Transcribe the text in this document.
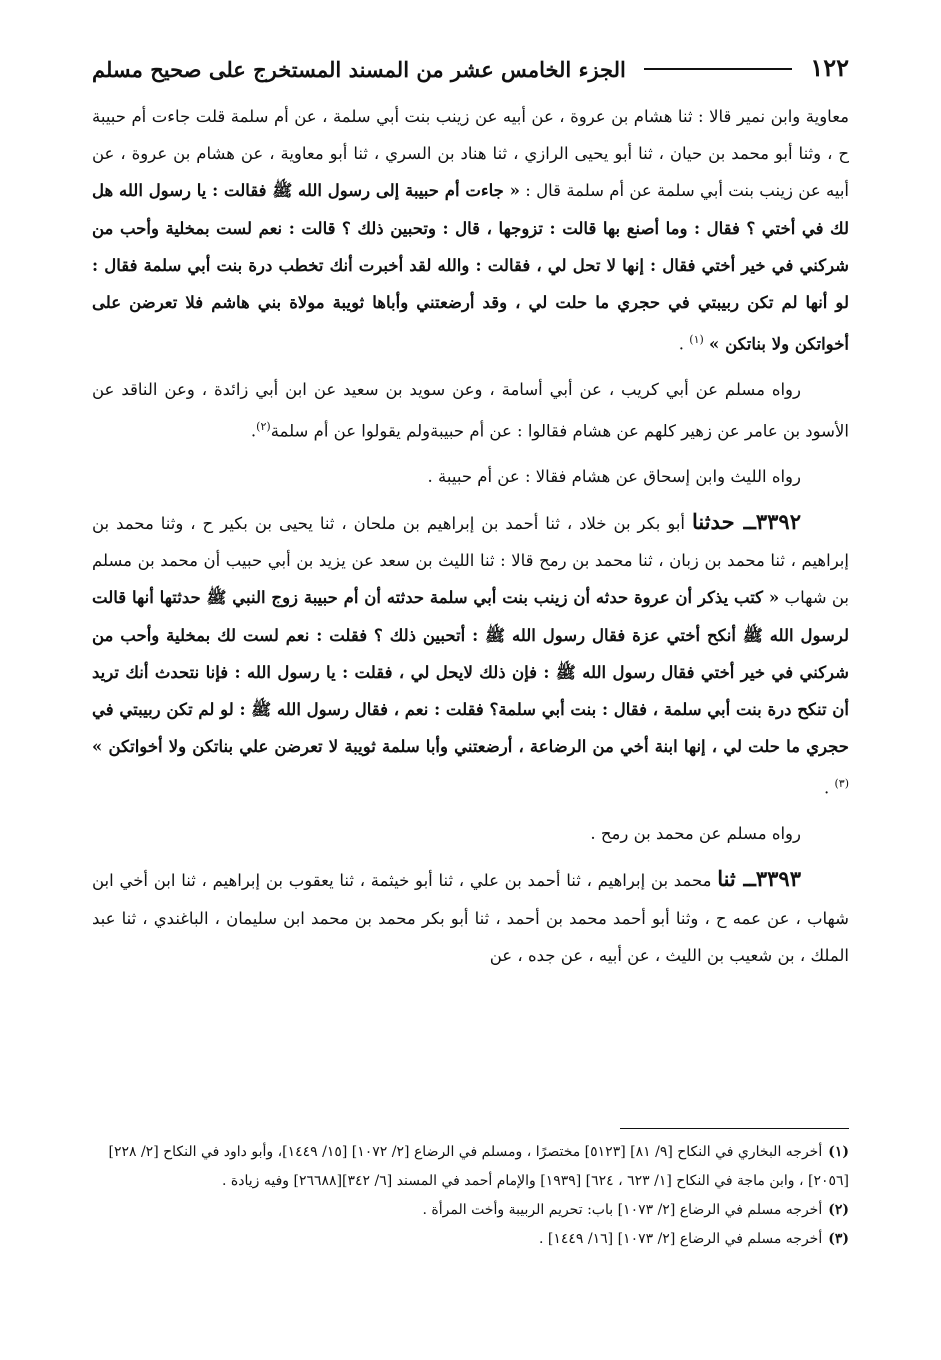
١٢٢
الجزء الخامس عشر من المسند المستخرج على صحيح مسلم

معاوية وابن نمير قالا : ثنا هشام بن عروة ، عن أبيه عن زينب بنت أبي سلمة ، عن أم سلمة قلت جاءت أم حبيبة ح ، وثنا أبو محمد بن حيان ، ثنا أبو يحيى الرازي ، ثنا هناد بن السري ، ثنا أبو معاوية ، عن هشام بن عروة ، عن أبيه عن زينب بنت أبي سلمة عن أم سلمة قال : « جاءت أم حبيبة إلى رسول الله ﷺ فقالت : يا رسول الله هل لك في أختي ؟ فقال : وما أصنع بها قالت : تزوجها ، قال : وتحبين ذلك ؟ قالت : نعم لست بمخلية وأحب من شركني في خير أختي فقال : إنها لا تحل لي ، فقالت : والله لقد أخبرت أنك تخطب درة بنت أبي سلمة فقال : لو أنها لم تكن ربيبتي في حجري ما حلت لي ، وقد أرضعتني وأباها ثويبة مولاة بني هاشم فلا تعرضن على أخواتكن ولا بناتكن » $^{(١)}$ .

رواه مسلم عن أبي كريب ، عن أبي أسامة ، وعن سويد بن سعيد عن ابن أبي زائدة ، وعن الناقد عن الأسود بن عامر عن زهير كلهم عن هشام فقالوا : عن أم حبيبةولم يقولوا عن أم سلمة$^{(٢)}$.

رواه الليث وابن إسحاق عن هشام فقالا : عن أم حبيبة .

٣٣٩٢ــ حدثنا أبو بكر بن خلاد ، ثنا أحمد بن إبراهيم بن ملحان ، ثنا يحيى بن بكير ح ، وثنا محمد بن إبراهيم ، ثنا محمد بن زبان ، ثنا محمد بن رمح قالا : ثنا الليث بن سعد عن يزيد بن أبي حبيب أن محمد بن مسلم بن شهاب « كتب يذكر أن عروة حدثه أن زينب بنت أبي سلمة حدثته أن أم حبيبة زوج النبي ﷺ حدثتها أنها قالت لرسول الله ﷺ أنكح أختي عزة فقال رسول الله ﷺ : أتحبين ذلك ؟ فقلت : نعم لست لك بمخلية وأحب من شركني في خير أختي فقال رسول الله ﷺ : فإن ذلك لايحل لي ، فقلت : يا رسول الله : فإنا نتحدث أنك تريد أن تنكح درة بنت أبي سلمة ، فقال : بنت أبي سلمة؟ فقلت : نعم ، فقال رسول الله ﷺ : لو لم تكن ربيبتي في حجري ما حلت لي ، إنها ابنة أخي من الرضاعة ، أرضعتني وأبا سلمة ثويبة لا تعرضن علي بناتكن ولا أخواتكن » $^{(٣)}$ .

رواه مسلم عن محمد بن رمح .

٣٣٩٣ــ ثنا محمد بن إبراهيم ، ثنا أحمد بن علي ، ثنا أبو خيثمة ، ثنا يعقوب بن إبراهيم ، ثنا ابن أخي ابن شهاب ، عن عمه ح ، وثنا أبو أحمد محمد بن أحمد ، ثنا أبو بكر محمد بن محمد ابن سليمان ، الباغندي ، ثنا عبد الملك ، بن شعيب بن الليث ، عن أبيه ، عن جده ، عن

(١)أخرجه البخاري في النكاح [٩/ ٨١] [٥١٢٣] مختصرًا ، ومسلم في الرضاع [٢/ ١٠٧٢] [١٥/ ١٤٤٩]، وأبو داود في النكاح [٢/ ٢٢٨] [٢٠٥٦] ، وابن ماجة في النكاح [١/ ٦٢٣ ، ٦٢٤] [١٩٣٩] والإمام أحمد في المسند [٦/ ٣٤٢][٢٦٦٨٨] وفيه زيادة .

(٢)أخرجه مسلم في الرضاع [٢/ ١٠٧٣] باب: تحريم الربيبة وأخت المرأة .

(٣)أخرجه مسلم في الرضاع [٢/ ١٠٧٣] [١٦/ ١٤٤٩] .
